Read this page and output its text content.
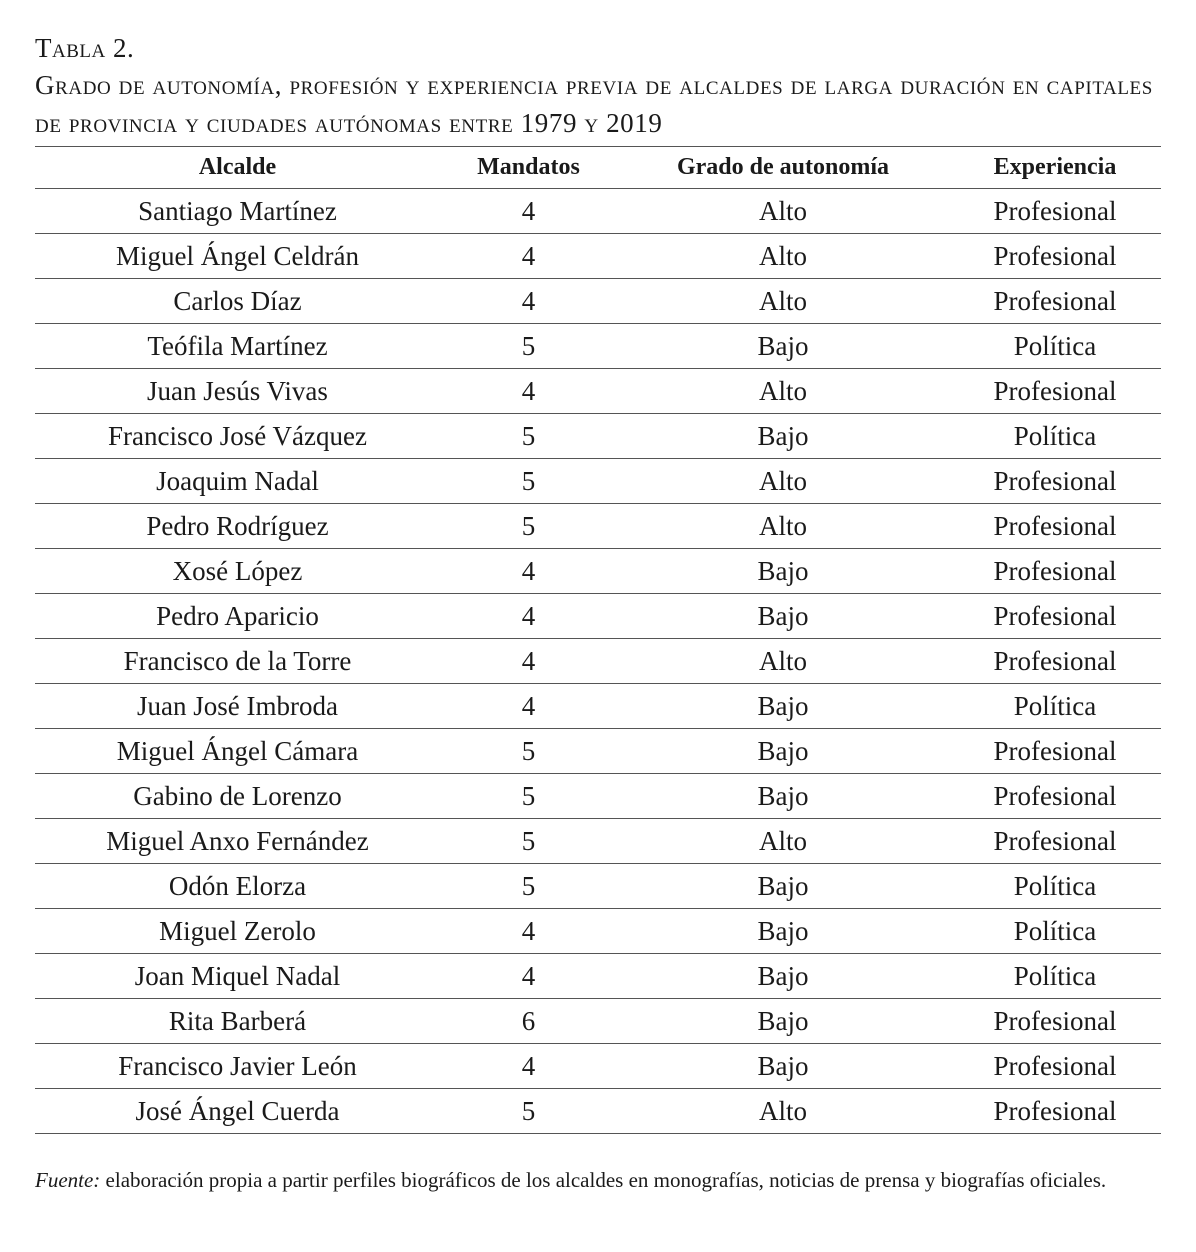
Tabla 2.
Grado de autonomía, profesión y experiencia previa de alcaldes de larga duración en capitales de provincia y ciudades autónomas entre 1979 y 2019
Alcalde	Mandatos	Grado de autonomía	Experiencia
Santiago Martínez	4	Alto	Profesional
Miguel Ángel Celdrán	4	Alto	Profesional
Carlos Díaz	4	Alto	Profesional
Teófila Martínez	5	Bajo	Política
Juan Jesús Vivas	4	Alto	Profesional
Francisco José Vázquez	5	Bajo	Política
Joaquim Nadal	5	Alto	Profesional
Pedro Rodríguez	5	Alto	Profesional
Xosé López	4	Bajo	Profesional
Pedro Aparicio	4	Bajo	Profesional
Francisco de la Torre	4	Alto	Profesional
Juan José Imbroda	4	Bajo	Política
Miguel Ángel Cámara	5	Bajo	Profesional
Gabino de Lorenzo	5	Bajo	Profesional
Miguel Anxo Fernández	5	Alto	Profesional
Odón Elorza	5	Bajo	Política
Miguel Zerolo	4	Bajo	Política
Joan Miquel Nadal	4	Bajo	Política
Rita Barberá	6	Bajo	Profesional
Francisco Javier León	4	Bajo	Profesional
José Ángel Cuerda	5	Alto	Profesional
Fuente: elaboración propia a partir perfiles biográficos de los alcaldes en monografías, noticias de prensa y biografías oficiales.
